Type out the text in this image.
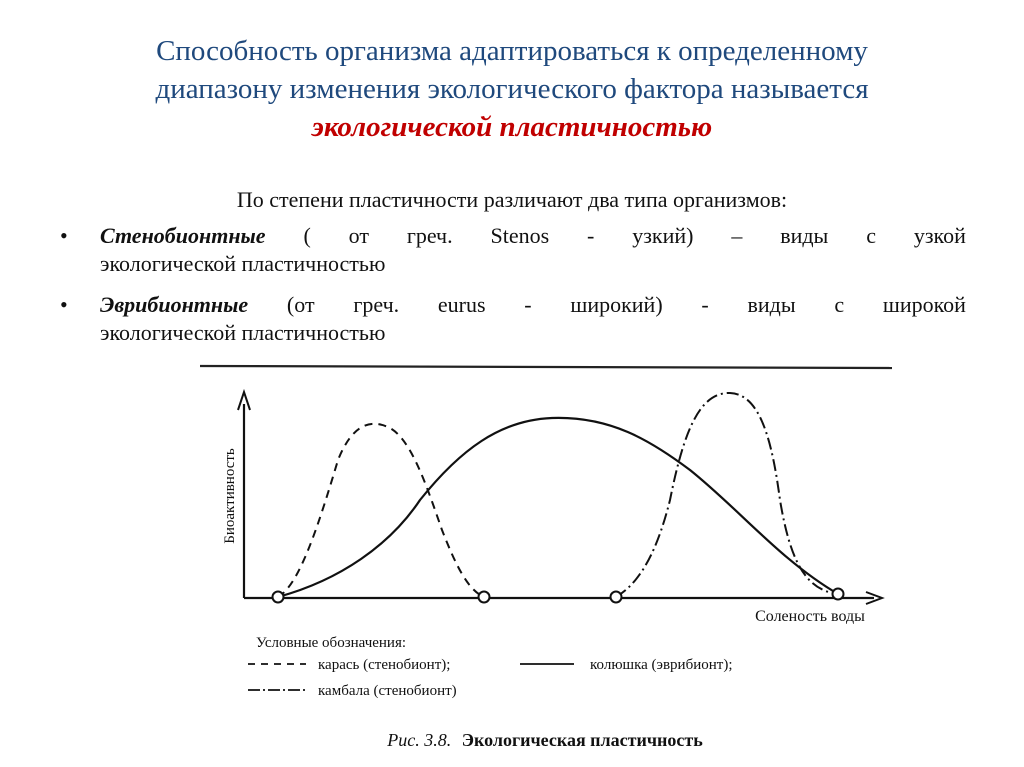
Способность организма адаптироваться к определенному
диапазону изменения экологического фактора называется
экологической пластичностью
По степени пластичности различают два типа организмов:
• Стенобионтные ( от греч. Stenos - узкий) – виды с узкой
экологической пластичностью
• Эврибионтные (от греч. eurus - широкий) - виды с широкой
экологической пластичностью
Биоактивность
Соленость воды
Условные обозначения:
карась (стенобионт);	колюшка (эврибионт);
камбала (стенобионт)
Рис. 3.8. Экологическая пластичность
